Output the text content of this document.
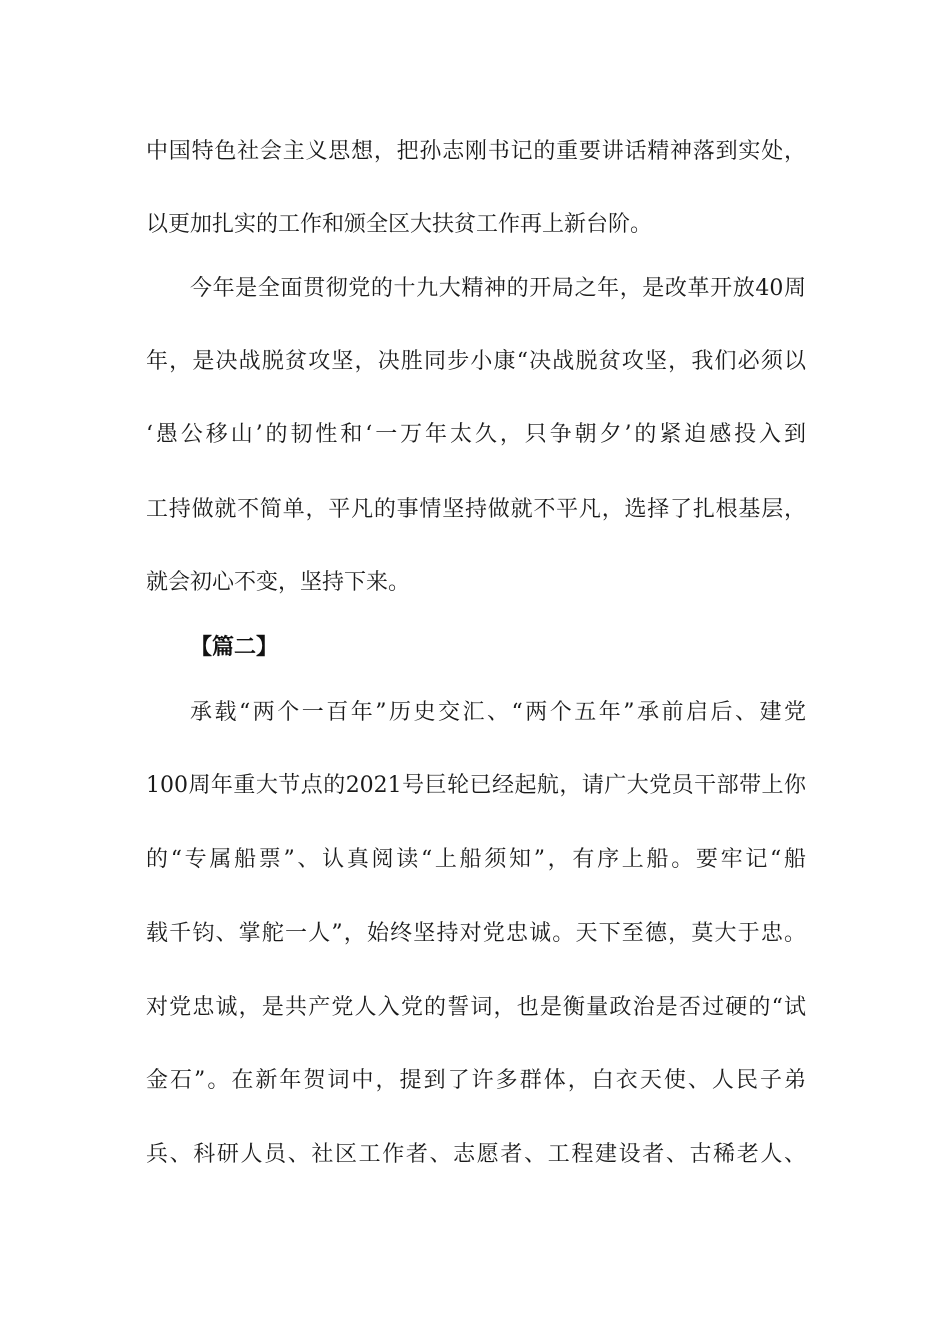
中国特色社会主义思想，把孙志刚书记的重要讲话精神落到实处，
以更加扎实的工作和颁全区大扶贫工作再上新台阶。
今年是全面贯彻党的十九大精神的开局之年，是改革开放40周
年，是决战脱贫攻坚，决胜同步小康“决战脱贫攻坚，我们必须以
‘愚公移山’的韧性和‘一万年太久，只争朝夕’的紧迫感投入到
工持做就不简单，平凡的事情坚持做就不平凡，选择了扎根基层，
就会初心不变，坚持下来。
【篇二】
承载“两个一百年”历史交汇、“两个五年”承前启后、建党
100周年重大节点的2021号巨轮已经起航，请广大党员干部带上你
的“专属船票”、认真阅读“上船须知”，有序上船。要牢记“船
载千钧、掌舵一人”，始终坚持对党忠诚。天下至德，莫大于忠。
对党忠诚，是共产党人入党的誓词，也是衡量政治是否过硬的“试
金石”。在新年贺词中，提到了许多群体，白衣天使、人民子弟
兵、科研人员、社区工作者、志愿者、工程建设者、古稀老人、
